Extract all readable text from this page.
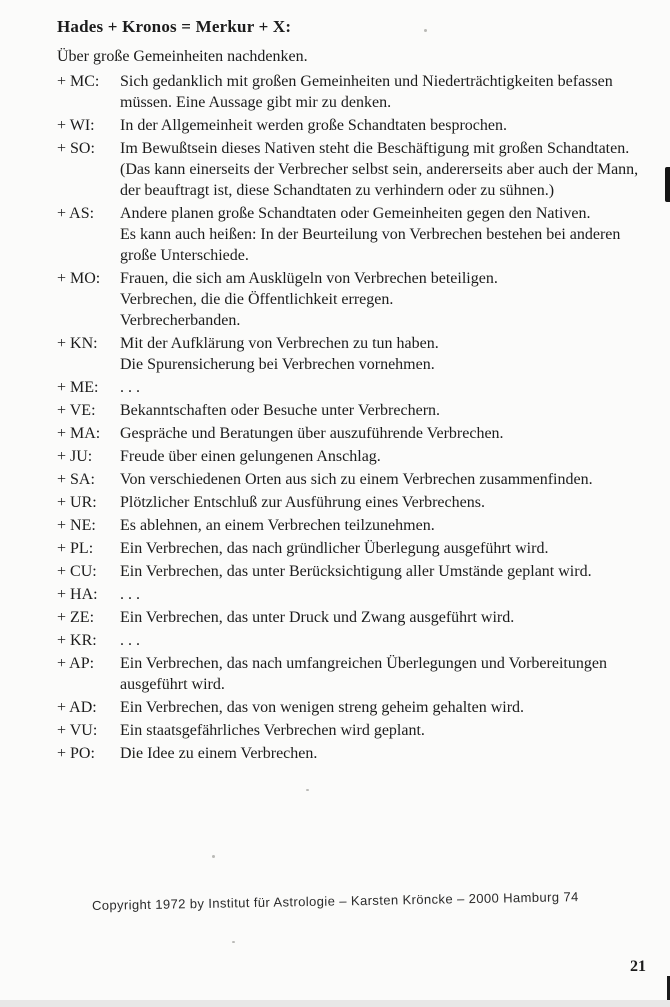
Hades + Kronos = Merkur + X:

Über große Gemeinheiten nachdenken.

+ MC:	Sich gedanklich mit großen Gemeinheiten und Niederträchtigkeiten befassen
müssen. Eine Aussage gibt mir zu denken.
+ WI:	In der Allgemeinheit werden große Schandtaten besprochen.
+ SO:	Im Bewußtsein dieses Nativen steht die Beschäftigung mit großen Schandtaten.
(Das kann einerseits der Verbrecher selbst sein, andererseits aber auch der Mann,
der beauftragt ist, diese Schandtaten zu verhindern oder zu sühnen.)
+ AS:	Andere planen große Schandtaten oder Gemeinheiten gegen den Nativen.
Es kann auch heißen: In der Beurteilung von Verbrechen bestehen bei anderen
große Unterschiede.
+ MO:	Frauen, die sich am Ausklügeln von Verbrechen beteiligen.
Verbrechen, die die Öffentlichkeit erregen.
Verbrecherbanden.
+ KN:	Mit der Aufklärung von Verbrechen zu tun haben.
Die Spurensicherung bei Verbrechen vornehmen.
+ ME:	. . .
+ VE:	Bekanntschaften oder Besuche unter Verbrechern.
+ MA:	Gespräche und Beratungen über auszuführende Verbrechen.
+ JU:	Freude über einen gelungenen Anschlag.
+ SA:	Von verschiedenen Orten aus sich zu einem Verbrechen zusammenfinden.
+ UR:	Plötzlicher Entschluß zur Ausführung eines Verbrechens.
+ NE:	Es ablehnen, an einem Verbrechen teilzunehmen.
+ PL:	Ein Verbrechen, das nach gründlicher Überlegung ausgeführt wird.
+ CU:	Ein Verbrechen, das unter Berücksichtigung aller Umstände geplant wird.
+ HA:	. . .
+ ZE:	Ein Verbrechen, das unter Druck und Zwang ausgeführt wird.
+ KR:	. . .
+ AP:	Ein Verbrechen, das nach umfangreichen Überlegungen und Vorbereitungen
ausgeführt wird.
+ AD:	Ein Verbrechen, das von wenigen streng geheim gehalten wird.
+ VU:	Ein staatsgefährliches Verbrechen wird geplant.
+ PO:	Die Idee zu einem Verbrechen.
Copyright 1972 by Institut für Astrologie – Karsten Kröncke – 2000 Hamburg 74
21
